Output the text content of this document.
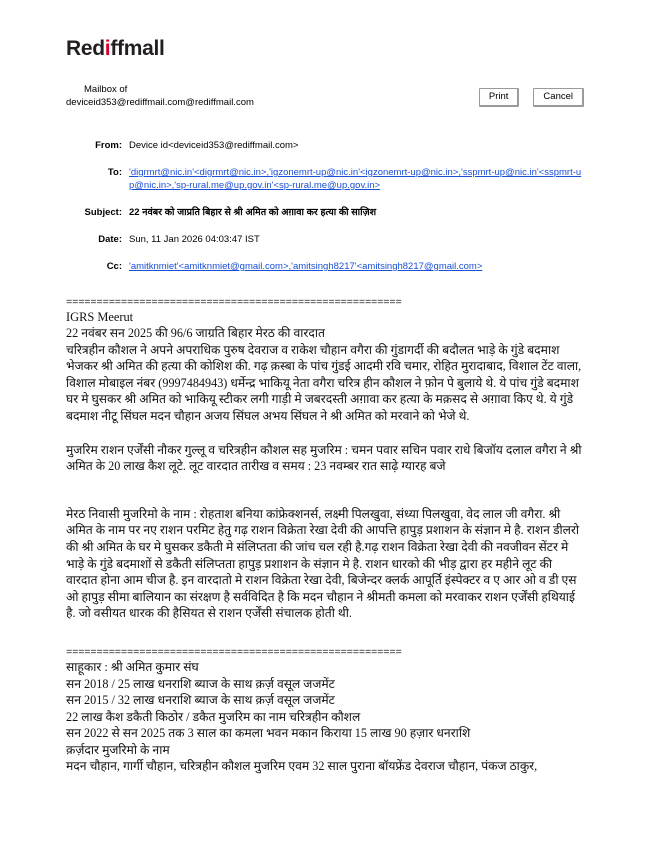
Rediffmall
Mailbox of
deviceid353@rediffmail.com@rediffmail.com
Print	Cancel
From:	Device id<deviceid353@rediffmail.com>

To:	'digrmrt@nic.in'<digrmrt@nic.in>,'igzonemrt-up@nic.in'<igzonemrt-up@nic.in>,'sspmrt-up@nic.in'<sspmrt-up@nic.in>,'sp-rural.me@up.gov.in'<sp-rural.me@up.gov.in>

Subject:	22 नवंबर को जाप्रति बिहार से श्री अमित को अग़ावा कर हत्या की साज़िश

Date:	Sun, 11 Jan 2026 04:03:47 IST

Cc:	'amitknmiet'<amitknmiet@gmail.com>,'amitsingh8217'<amitsingh8217@gmail.com>
=======================================================
IGRS Meerut
22 नवंबर सन 2025 की 96/6 जाग्रति बिहार मेरठ की वारदात
चरित्रहीन कौशल ने अपने अपराधिक पुरुष देवराज व राकेश चौहान वगैरा की गुंडागर्दी की बदौलत भाड़े के गुंडे बदमाश भेजकर श्री अमित की हत्या की कोशिश की. गढ़ क़स्बा के पांच गुंडई आदमी रवि चमार, रोहित मुरादाबाद, विशाल टेंट वाला, विशाल मोबाइल नंबर (9997484943) धर्मेन्द्र भाकियू नेता वगैरा चरित्र हीन कौशल ने फ़ोन पे बुलाये थे. ये पांच गुंडे बदमाश घर मे घुसकर श्री अमित को भाकियू स्टीकर लगी गाड़ी मे जबरदस्ती अग़ावा कर हत्या के मक़सद से अग़ावा किए थे. ये गुंडे बदमाश नीटू सिंघल मदन चौहान अजय सिंघल अभय सिंघल ने श्री अमित को मरवाने को भेजे थे.
मुजरिम राशन एर्जेंसी नौकर गुल्लू व चरित्रहीन कौशल सह मुजरिम : चमन पवार सचिन पवार राधे बिजॉय दलाल वगैरा ने श्री अमित के 20 लाख कैश लूटे. लूट वारदात तारीख व समय : 23 नवम्बर रात साढ़े ग्यारह बजे
मेरठ निवासी मुजरिमो के नाम : रोहताश बनिया कांफ्रेक्शनर्स, लक्ष्मी पिलखुवा, संध्या पिलखुवा, वेद लाल जी वगैरा. श्री अमित के नाम पर नए राशन परमिट हेतु गढ़ राशन विक्रेता रेखा देवी की आपत्ति हापुड़ प्रशाशन के संज्ञान मे है. राशन डीलरो की श्री अमित के घर मे घुसकर डकैती मे संलिप्तता की जांच चल रही है.गढ़ राशन विक्रेता रेखा देवी की नवजीवन सेंटर मे भाड़े के गुंडे बदमाशों से डकैती संलिप्तता हापुड़ प्रशाशन के संज्ञान मे है. राशन धारको की भीड़ द्वारा हर महीने लूट की वारदात होना आम चीज है. इन वारदातो मे राशन विक्रेता रेखा देवी, बिजेन्दर क्लर्क आपूर्ति इंस्पेक्टर व ए आर ओ व डी एस ओ हापुड़ सीमा बालियान का संरक्षण है सर्वविदित है कि मदन चौहान ने श्रीमती कमला को मरवाकर राशन एर्जेंसी हथियाई है. जो वसीयत धारक की हैसियत से राशन एर्जेंसी संचालक होती थी.
=======================================================
साहूकार : श्री अमित कुमार संघ
सन 2018 / 25 लाख धनराशि ब्याज के साथ क़र्ज़ वसूल जजमेंट
सन 2015 / 32 लाख धनराशि ब्याज के साथ क़र्ज़ वसूल जजमेंट
22 लाख कैश डकैती किठोर / डकैत मुजरिम का नाम चरित्रहीन कौशल
सन 2022 से सन 2025 तक 3 साल का कमला भवन मकान किराया 15 लाख 90 हज़ार धनराशि
क़र्ज़दार मुजरिमो के नाम
मदन चौहान, गार्गी चौहान, चरित्रहीन कौशल मुजरिम एवम 32 साल पुराना बॉयफ्रेंड देवराज चौहान, पंकज ठाकुर,
